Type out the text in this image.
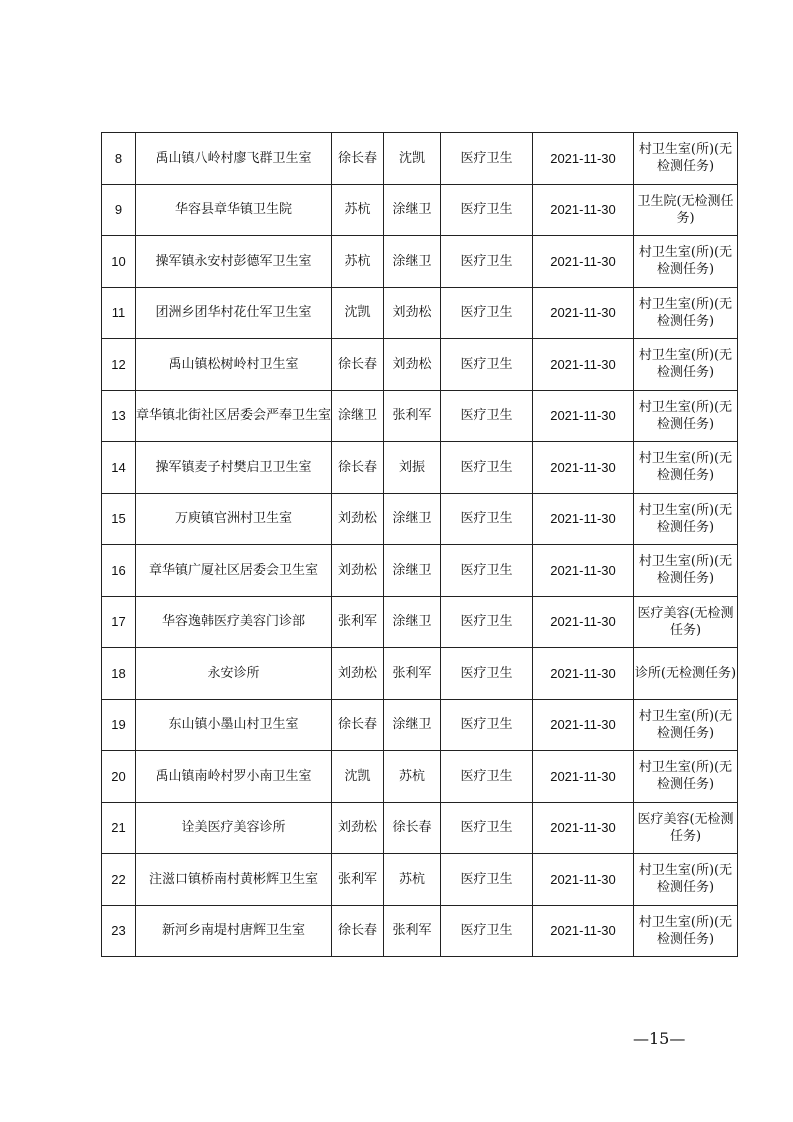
8	禹山镇八岭村廖飞群卫生室	徐长春	沈凯	医疗卫生	2021-11-30	村卫生室(所)(无检测任务)
9	华容县章华镇卫生院	苏杭	涂继卫	医疗卫生	2021-11-30	卫生院(无检测任务)
10	操军镇永安村彭德军卫生室	苏杭	涂继卫	医疗卫生	2021-11-30	村卫生室(所)(无检测任务)
11	团洲乡团华村花仕军卫生室	沈凯	刘劲松	医疗卫生	2021-11-30	村卫生室(所)(无检测任务)
12	禹山镇松树岭村卫生室	徐长春	刘劲松	医疗卫生	2021-11-30	村卫生室(所)(无检测任务)
13	章华镇北街社区居委会严奉卫生室	涂继卫	张利军	医疗卫生	2021-11-30	村卫生室(所)(无检测任务)
14	操军镇麦子村樊启卫卫生室	徐长春	刘振	医疗卫生	2021-11-30	村卫生室(所)(无检测任务)
15	万庾镇官洲村卫生室	刘劲松	涂继卫	医疗卫生	2021-11-30	村卫生室(所)(无检测任务)
16	章华镇广厦社区居委会卫生室	刘劲松	涂继卫	医疗卫生	2021-11-30	村卫生室(所)(无检测任务)
17	华容逸韩医疗美容门诊部	张利军	涂继卫	医疗卫生	2021-11-30	医疗美容(无检测任务)
18	永安诊所	刘劲松	张利军	医疗卫生	2021-11-30	诊所(无检测任务)
19	东山镇小墨山村卫生室	徐长春	涂继卫	医疗卫生	2021-11-30	村卫生室(所)(无检测任务)
20	禹山镇南岭村罗小南卫生室	沈凯	苏杭	医疗卫生	2021-11-30	村卫生室(所)(无检测任务)
21	诠美医疗美容诊所	刘劲松	徐长春	医疗卫生	2021-11-30	医疗美容(无检测任务)
22	注滋口镇桥南村黄彬辉卫生室	张利军	苏杭	医疗卫生	2021-11-30	村卫生室(所)(无检测任务)
23	新河乡南堤村唐辉卫生室	徐长春	张利军	医疗卫生	2021-11-30	村卫生室(所)(无检测任务)
—15—
